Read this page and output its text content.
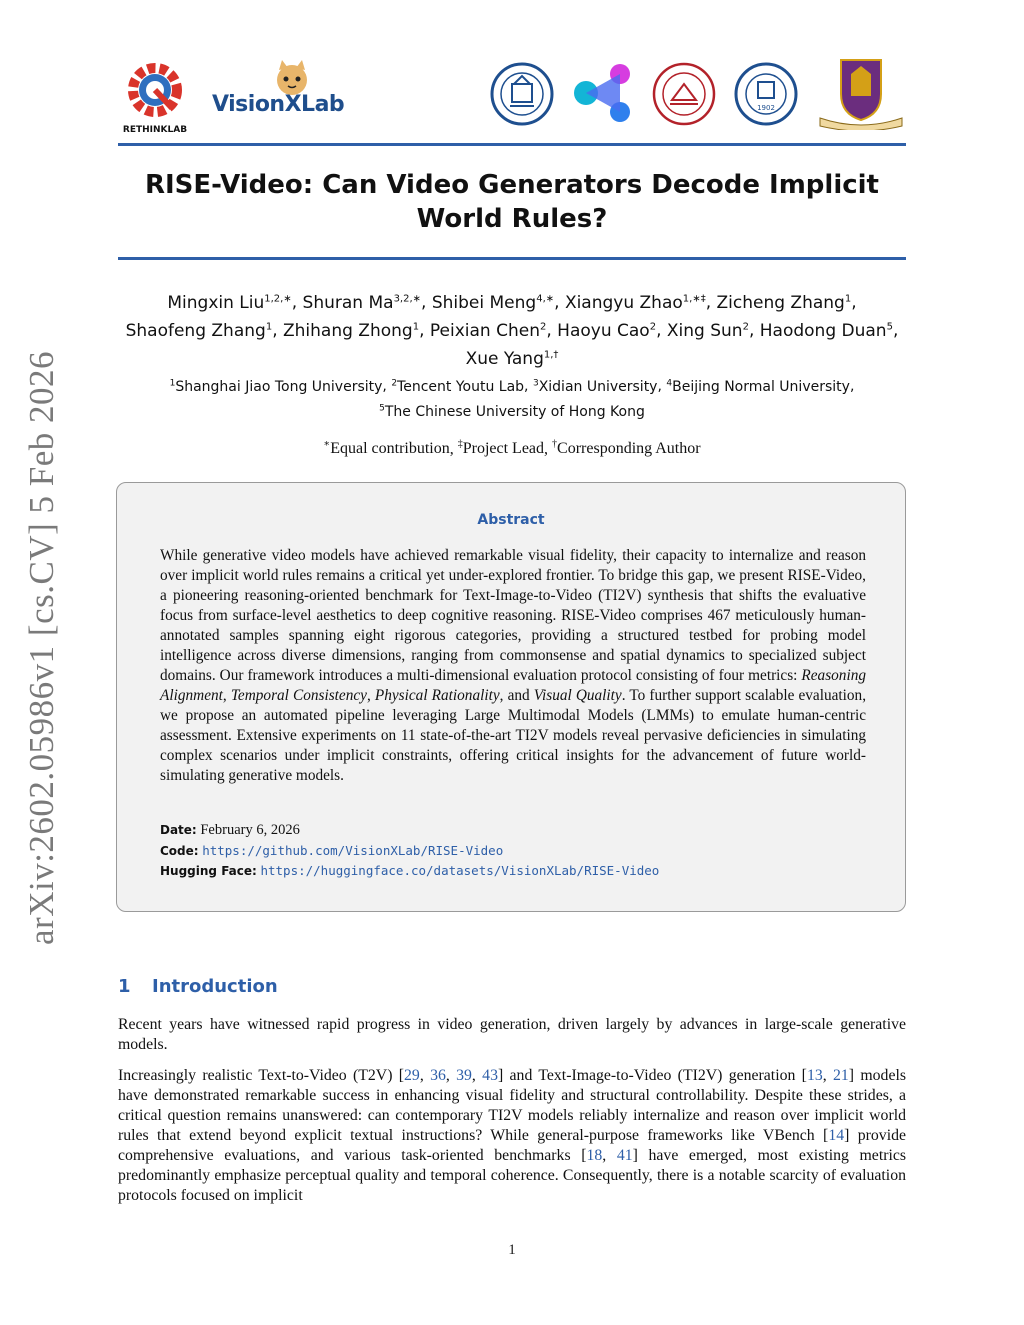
RETHINKLAB
VisionXLab	1902
RISE-Video: Can Video Generators Decode Implicit World Rules?
Mingxin Liu$^{1,2,∗}$, Shuran $Ma^{3,2,∗}$, Shibei Meng$^{4,∗}$, Xiangyu Zhao$^{1,∗\ddagger}$, Zicheng Zhang$^1$,
Shaofeng Zhang$^1$, Zhihang Zhong$^1$, Peixian Chen$^2$, Haoyu Cao$^2$, Xing Sun$^2$, Haodong Duan$^5$,
Xue Yang$^{1,\dagger}$
$^1$Shanghai Jiao Tong University, $^2$Tencent Youtu Lab, $^3$Xidian University, $^4$Beijing Normal University,
$^5$The Chinese University of Hong Kong
∗Equal contribution, ‡Project Lead, †Corresponding Author
Abstract
While generative video models have achieved remarkable visual fidelity, their capacity to internalize and reason over implicit world rules remains a critical yet under-explored frontier. To bridge this gap, we present RISE-Video, a pioneering reasoning-oriented benchmark for Text-Image-to-Video (TI2V) synthesis that shifts the evaluative focus from surface-level aesthetics to deep cognitive reasoning. RISE-Video comprises 467 meticulously human-annotated samples spanning eight rigorous categories, providing a structured testbed for probing model intelligence across diverse dimensions, ranging from commonsense and spatial dynamics to specialized subject domains. Our framework introduces a multi-dimensional evaluation protocol consisting of four metrics: Reasoning Alignment, Temporal Consistency, Physical Rationality, and Visual Quality. To further support scalable evaluation, we propose an automated pipeline leveraging Large Multimodal Models (LMMs) to emulate human-centric assessment. Extensive experiments on 11 state-of-the-art TI2V models reveal pervasive deficiencies in simulating complex scenarios under implicit constraints, offering critical insights for the advancement of future world-simulating generative models.
Date: February 6, 2026
Code: https://github.com/VisionXLab/RISE-Video
Hugging Face: https://huggingface.co/datasets/VisionXLab/RISE-Video
arXiv:2602.05986v1 [cs.CV] 5 Feb 2026
1 Introduction
Recent years have witnessed rapid progress in video generation, driven largely by advances in large-scale generative models.
Increasingly realistic Text-to-Video (T2V) [29, 36, 39, 43] and Text-Image-to-Video (TI2V) generation [13, 21] models have demonstrated remarkable success in enhancing visual fidelity and structural controllability. Despite these strides, a critical question remains unanswered: can contemporary TI2V models reliably internalize and reason over implicit world rules that extend beyond explicit textual instructions? While general-purpose frameworks like VBench [14] provide comprehensive evaluations, and various task-oriented benchmarks [18, 41] have emerged, most existing metrics predominantly emphasize perceptual quality and temporal coherence. Consequently, there is a notable scarcity of evaluation protocols focused on implicit
1
